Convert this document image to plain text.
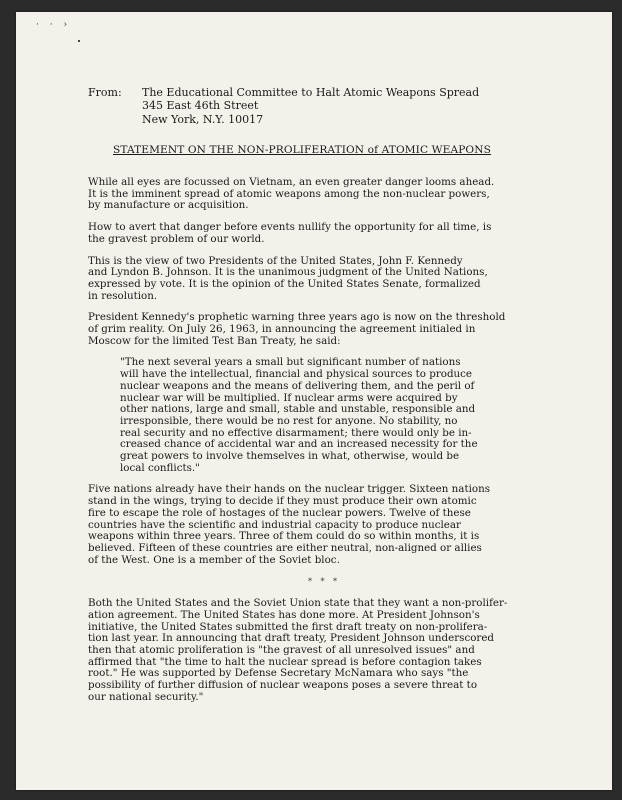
· · ›
From:	The Educational Committee to Halt Atomic Weapons Spread
345 East 46th Street
New York, N.Y. 10017
STATEMENT ON THE NON-PROLIFERATION of ATOMIC WEAPONS

While all eyes are focussed on Vietnam, an even greater danger looms ahead.
It is the imminent spread of atomic weapons among the non-nuclear powers,
by manufacture or acquisition.

How to avert that danger before events nullify the opportunity for all time, is
the gravest problem of our world.

This is the view of two Presidents of the United States, John F. Kennedy
and Lyndon B. Johnson. It is the unanimous judgment of the United Nations,
expressed by vote. It is the opinion of the United States Senate, formalized
in resolution.

President Kennedy's prophetic warning three years ago is now on the threshold
of grim reality. On July 26, 1963, in announcing the agreement initialed in
Moscow for the limited Test Ban Treaty, he said:

"The next several years a small but significant number of nations
will have the intellectual, financial and physical sources to produce
nuclear weapons and the means of delivering them, and the peril of
nuclear war will be multiplied. If nuclear arms were acquired by
other nations, large and small, stable and unstable, responsible and
irresponsible, there would be no rest for anyone. No stability, no
real security and no effective disarmament; there would only be in-
creased chance of accidental war and an increased necessity for the
great powers to involve themselves in what, otherwise, would be
local conflicts."

Five nations already have their hands on the nuclear trigger. Sixteen nations
stand in the wings, trying to decide if they must produce their own atomic
fire to escape the role of hostages of the nuclear powers. Twelve of these
countries have the scientific and industrial capacity to produce nuclear
weapons within three years. Three of them could do so within months, it is
believed. Fifteen of these countries are either neutral, non-aligned or allies
of the West. One is a member of the Soviet bloc.

* * *

Both the United States and the Soviet Union state that they want a non-prolifer-
ation agreement. The United States has done more. At President Johnson's
initiative, the United States submitted the first draft treaty on non-prolifera-
tion last year. In announcing that draft treaty, President Johnson underscored
then that atomic proliferation is "the gravest of all unresolved issues" and
affirmed that "the time to halt the nuclear spread is before contagion takes
root." He was supported by Defense Secretary McNamara who says "the
possibility of further diffusion of nuclear weapons poses a severe threat to
our national security."
